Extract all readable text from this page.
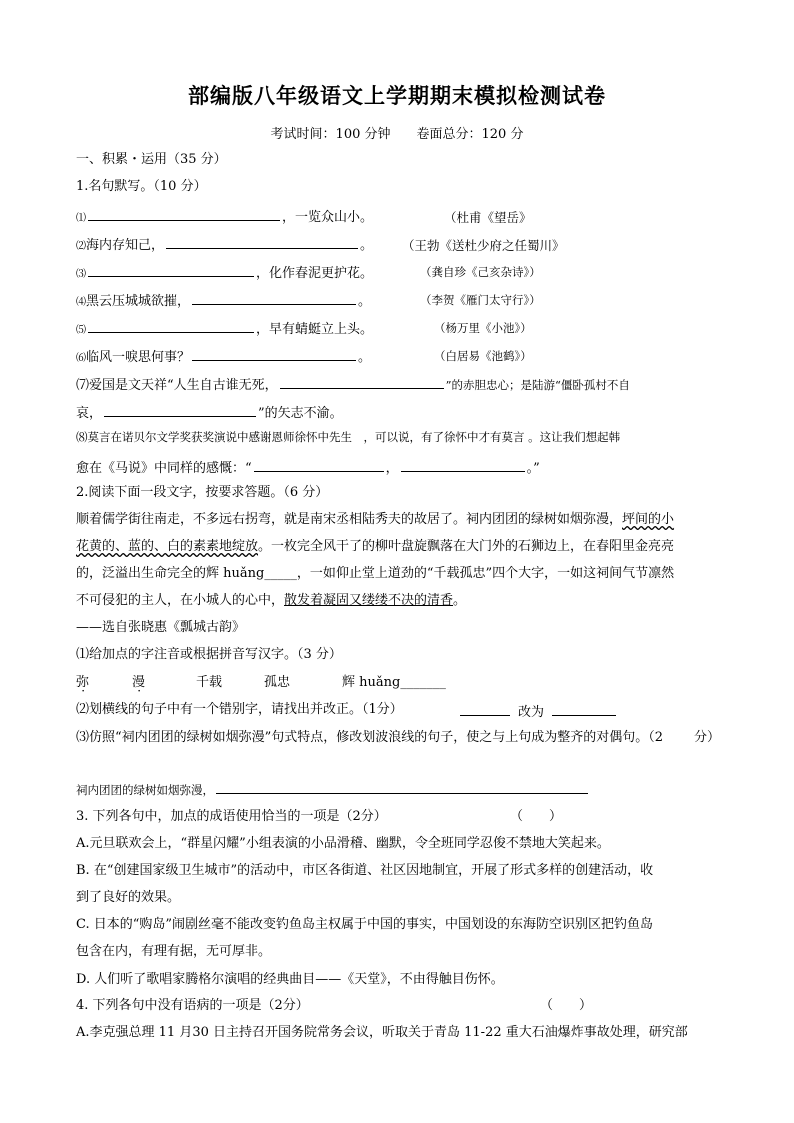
部编版八年级语文上学期期末模拟检测试卷
考试时间：100 分钟　　卷面总分：120 分
一、积累・运用（35 分）
1.名句默写。（10 分）
⑴	，一览众山小。	（杜甫《望岳》
⑵海内存知己，	。 （王勃《送杜少府之任蜀川》
⑶	，化作春泥更护花。	（龚自珍《己亥杂诗》）
⑷黑云压城城欲摧，	。	（李贺《雁门太守行》）
⑸	，早有蜻蜓立上头。	（杨万里《小池》）
⑹临风一唳思何事？	。	（白居易《池鹤》）
⑺爱国是文天祥“人生自古谁无死，	”的赤胆忠心；是陆游“僵卧孤村不自
哀，	”的矢志不渝。
⑻莫言在诺贝尔文学奖获奖演说中感谢恩师徐怀中先生　，可以说，有了徐怀中才有莫言 。这让我们想起韩
愈在《马说》中同样的感慨：“	，	。”
2.阅读下面一段文字，按要求答题。（6 分）
顺着儒学街往南走，不多远右拐弯，就是南宋丞相陆秀夫的故居了。祠内团团的绿树如烟弥漫，坪间的小
花黄的、蓝的、白的素素地绽放。一枚完全风干了的柳叶盘旋飘落在大门外的石狮边上，在春阳里金亮亮
的，泛溢出生命完全的辉 huǎng_____，一如仰止堂上道劲的“千载孤忠”四个大字，一如这祠间气节凛然
不可侵犯的主人，在小城人的心中，散发着凝固又缕缕不决的清香。
——选自张晓惠《瓢城古韵》
⑴给加点的字注音或根据拼音写汉字。（3 分）
弥	漫	千载	孤忠	辉 huǎng_______
⑵划横线的句子中有一个错别字，请找出并改正。（1分）	改为
⑶仿照“祠内团团的绿树如烟弥漫”句式特点，修改划波浪线的句子，使之与上句成为整齐的对偶句。（2 分）
祠内团团的绿树如烟弥漫，
3. 下列各句中，加点的成语使用恰当的一项是（2分）	（　　）
A.元旦联欢会上，“群星闪耀”小组表演的小品滑稽、幽默，令全班同学忍俊不禁地大笑起来。
B. 在“创建国家级卫生城市”的活动中，市区各街道、社区因地制宜，开展了形式多样的创建活动，收
到了良好的效果。
C. 日本的“购岛”闹剧丝毫不能改变钓鱼岛主权属于中国的事实，中国划设的东海防空识别区把钓鱼岛
包含在内，有理有据，无可厚非。
D. 人们听了歌唱家腾格尔演唱的经典曲目——《天堂》，不由得触目伤怀。
4. 下列各句中没有语病的一项是（2分）	（　　）
A.李克强总理 11 月30 日主持召开国务院常务会议，听取关于青岛 11-22 重大石油爆炸事故处理，研究部
